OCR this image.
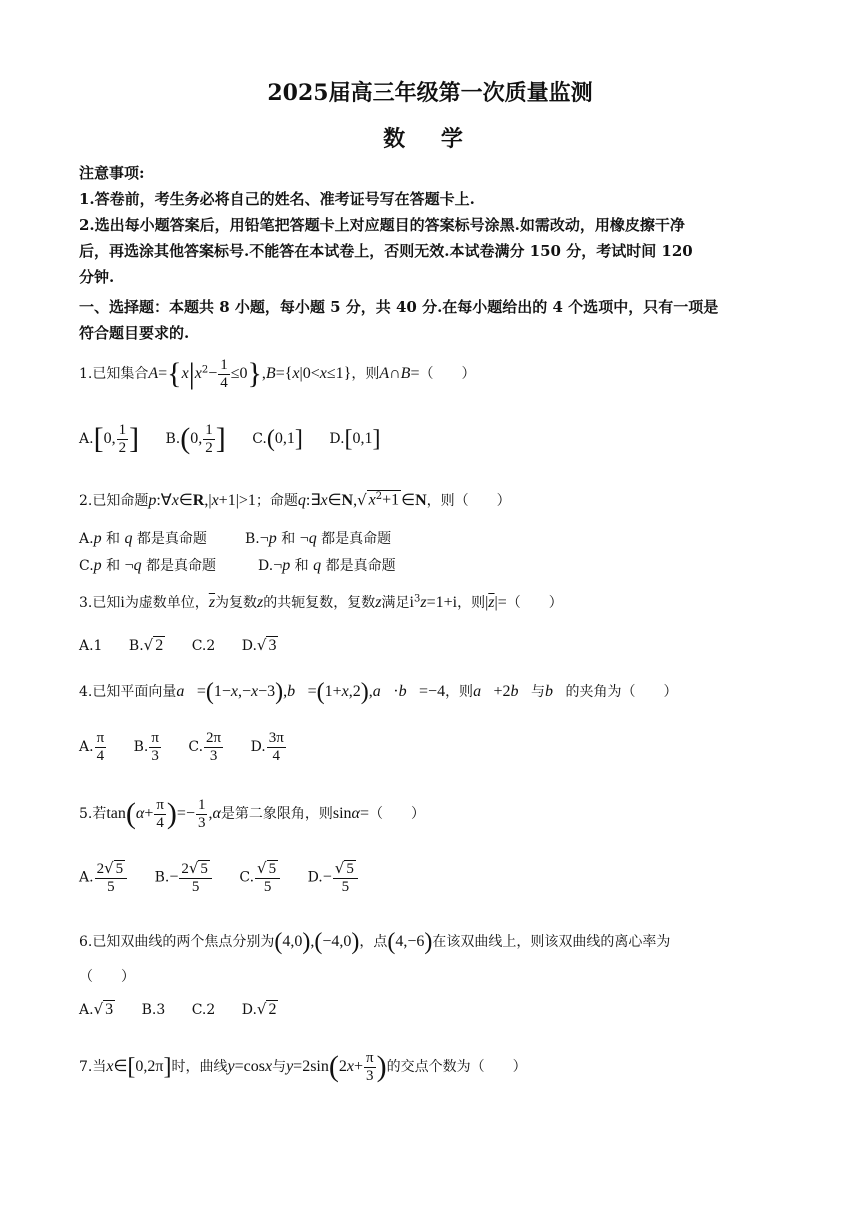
2025届高三年级第一次质量监测
数 学
注意事项:
1.答卷前，考生务必将自己的姓名、准考证号写在答题卡上.
2.选出每小题答案后，用铅笔把答题卡上对应题目的答案标号涂黑.如需改动，用橡皮擦干净
后，再选涂其他答案标号.不能答在本试卷上，否则无效.本试卷满分 150 分，考试时间 120
分钟.
一、选择题：本题共 8 小题，每小题 5 分，共 40 分.在每小题给出的 4 个选项中，只有一项是
符合题目要求的.
1.已知集合$A=\{x|x^2- \frac{1}{4} \le 0\},B=\{x|0<x\le 1\}$，则A∩B=（　　）
A.[0, $\frac{1}{2}$ ] B.(0, $\frac{1}{2}$ ] C.(0,1] D.[0,1]
2.已知命题p:∀x∈R,|x+1|>1；命题q:∃x∈N,√ $x^2+1$ ∈N，则（　　）
A.p 和 q 都是真命题	B.¬p 和 ¬q 都是真命题
C.p 和 ¬q 都是真命题	D.¬p 和 q 都是真命题
3.已知i为虚数单位，$\overline{z}$为复数z的共轭复数，复数z满足$i^3z=1+i$，则$|\overline{z}|=$（　　）
A.1 B.√ 2 C.2 D.√ 3
4.已知平面向量a⃗=(1−x,−x−3),b⃗=(1+x,2),a⃗·b⃗=−4，则a⃗+2b⃗与b⃗的夹角为（　　）
A. $\frac{\pi}{4} B$. $\frac{\pi}{3} C$. $\frac{2\pi}{3} D$. $\frac{3\pi}{4}$
5.若$\tan(\alpha+ \frac{\pi}{4}$ )=− $\frac{1}{3} ,\alpha$是第二象限角，则sinα=（　　）
A. $\frac{2√ 5}{5} B.- \frac{2√ 5}{5} C$. $\frac{√ 5}{5} D.- \frac{√ 5}{5}$
6.已知双曲线的两个焦点分别为(4,0),(−4,0)，点(4,−6)在该双曲线上，则该双曲线的离心率为
（　　）
A.√ 3 B.3 C.2 D.√ 2
7.当x∈[0,2π]时，曲线y=cosx与$y=2\sin(2x+ \frac{\pi}{3}$ )的交点个数为（　　）
